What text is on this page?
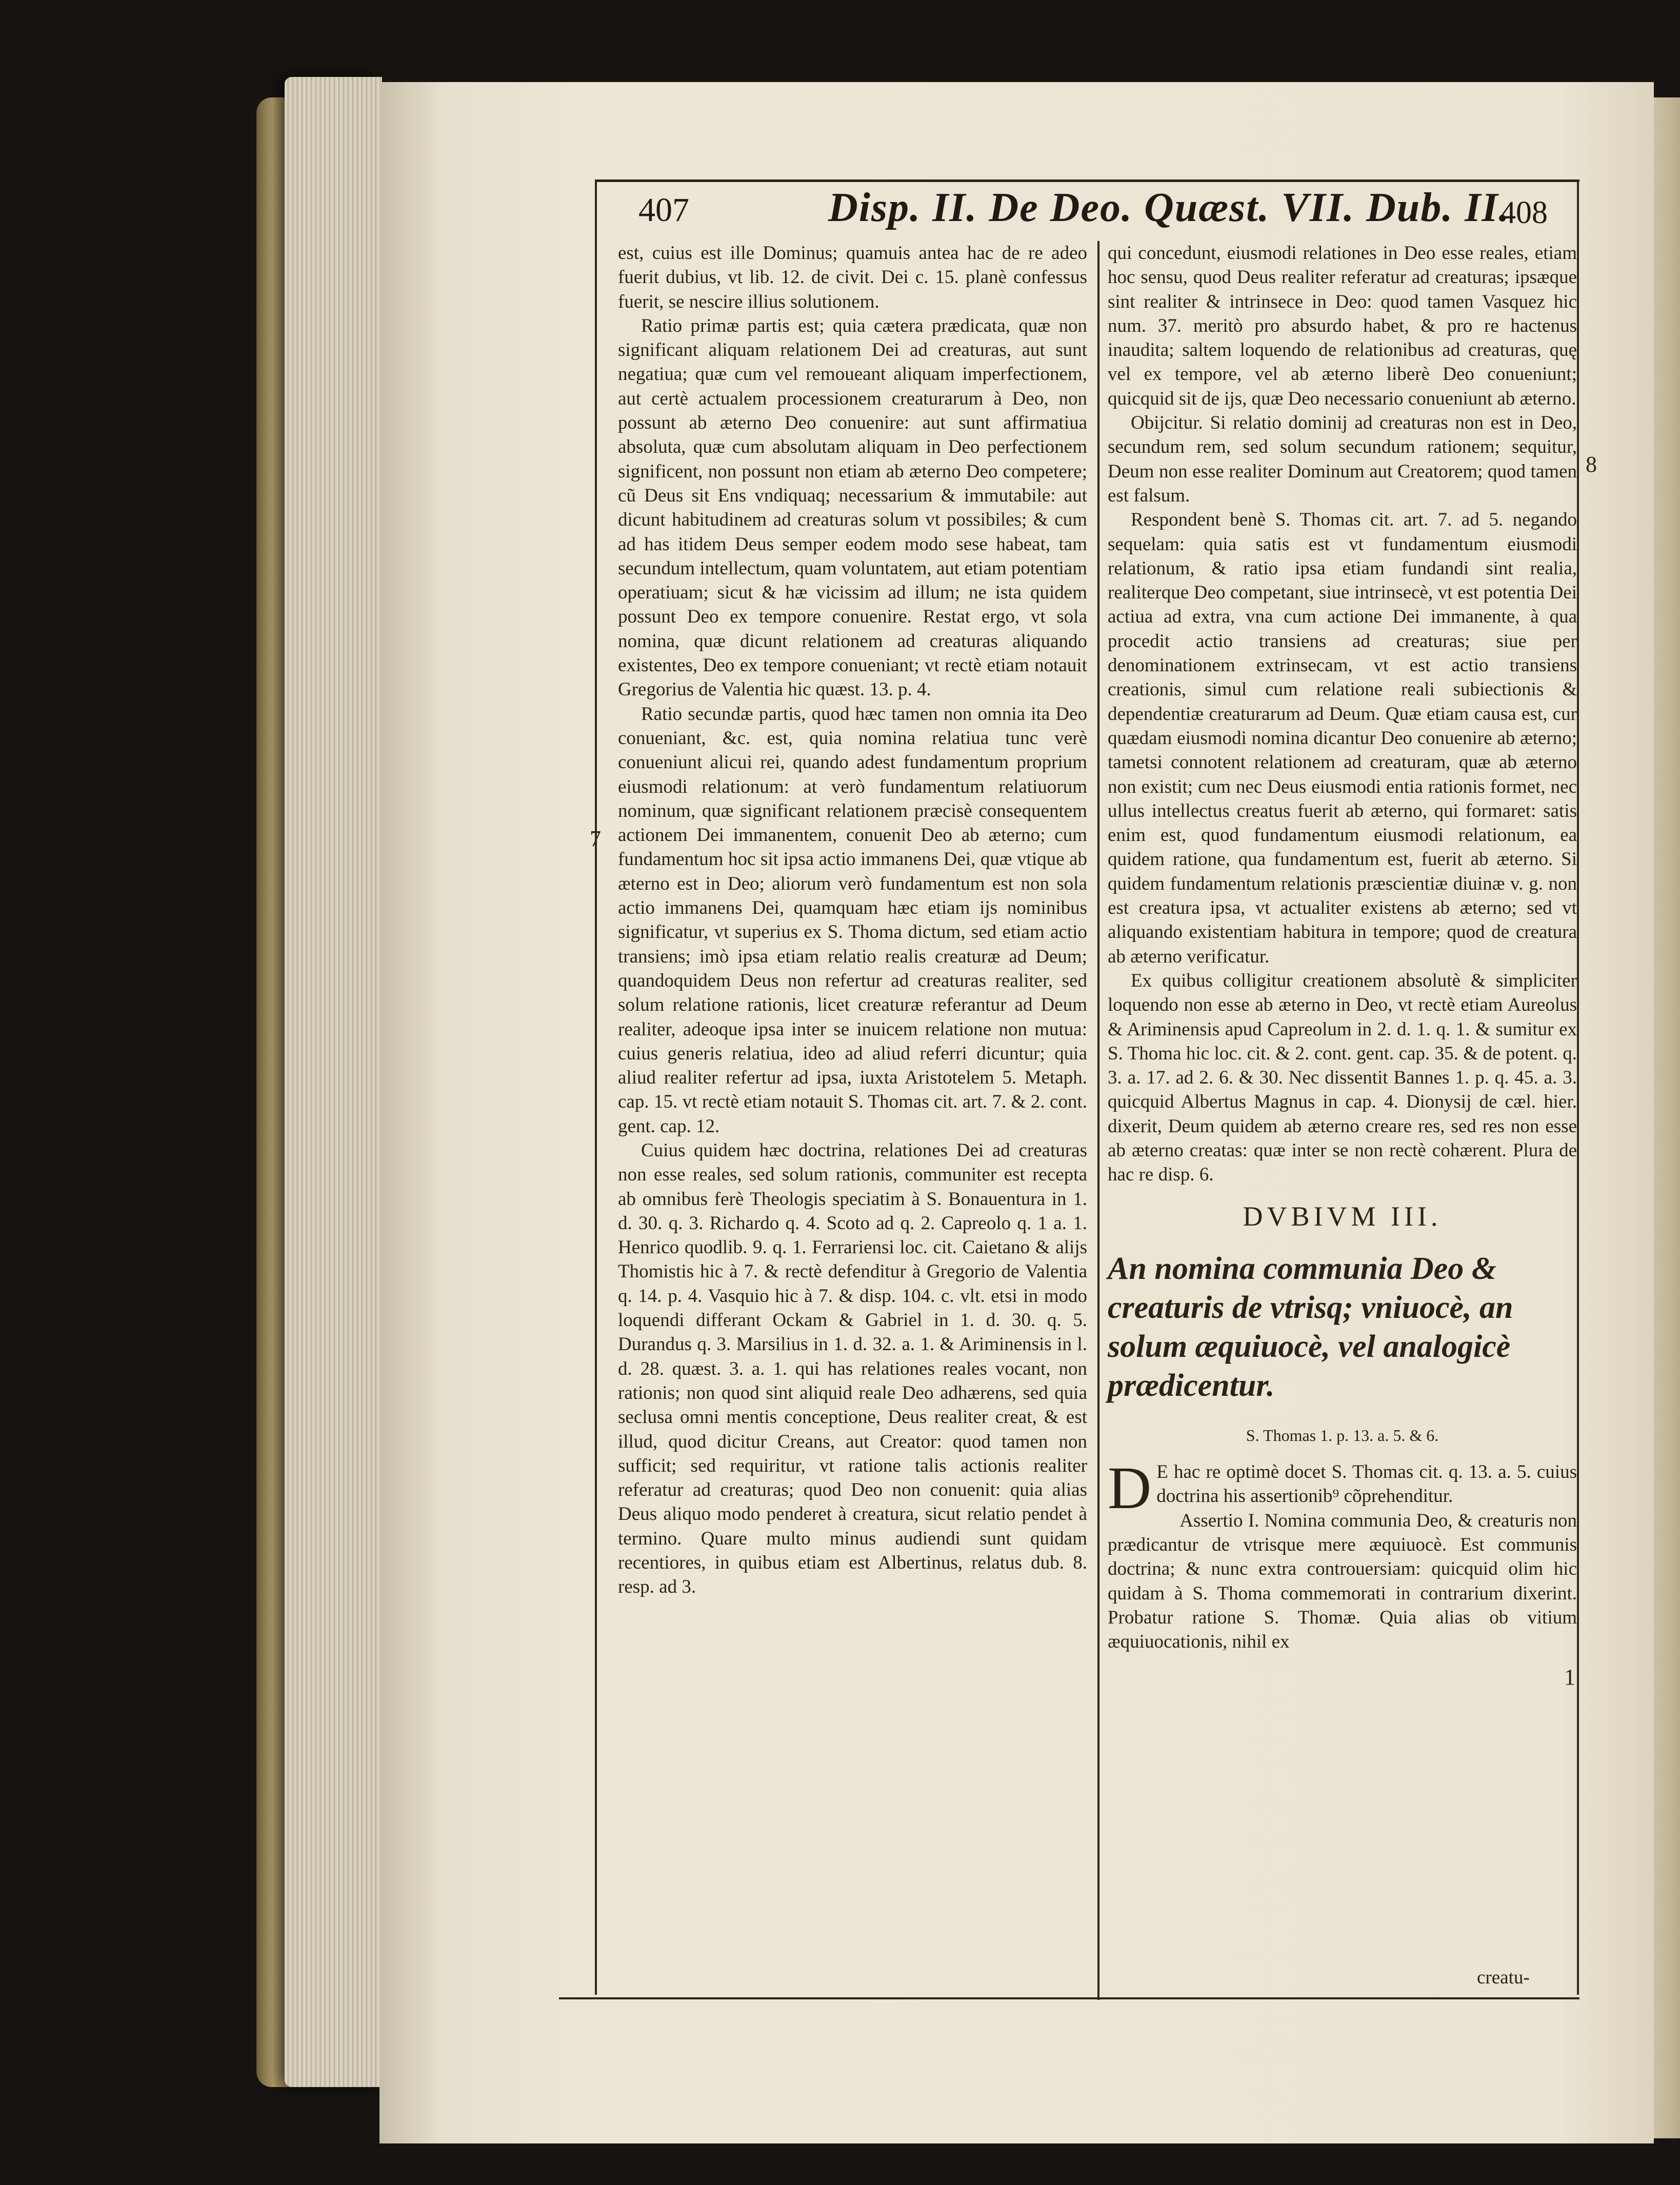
407	Disp. II. De Deo. Quæst. VII. Dub. II.
408
7
8
1

est, cuius est ille Dominus; quamuis antea hac de re adeo fuerit dubius, vt lib. 12. de civit. Dei c. 15. planè confessus fuerit, se nescire illius solutionem.

Ratio primæ partis est; quia cætera prædicata, quæ non significant aliquam relationem Dei ad creaturas, aut sunt negatiua; quæ cum vel remoueant aliquam imperfectionem, aut certè actualem processionem creaturarum à Deo, non possunt ab æterno Deo conuenire: aut sunt affirmatiua absoluta, quæ cum absolutam aliquam in Deo perfectionem significent, non possunt non etiam ab æterno Deo competere; cũ Deus sit Ens vndiquaq; necessarium & immutabile: aut dicunt habitudinem ad creaturas solum vt possibiles; & cum ad has itidem Deus semper eodem modo sese habeat, tam secundum intellectum, quam voluntatem, aut etiam potentiam operatiuam; sicut & hæ vicissim ad illum; ne ista quidem possunt Deo ex tempore conuenire. Restat ergo, vt sola nomina, quæ dicunt relationem ad creaturas aliquando existentes, Deo ex tempore conueniant; vt rectè etiam notauit Gregorius de Valentia hic quæst. 13. p. 4.

Ratio secundæ partis, quod hæc tamen non omnia ita Deo conueniant, &c. est, quia nomina relatiua tunc verè conueniunt alicui rei, quando adest fundamentum proprium eiusmodi relationum: at verò fundamentum relatiuorum nominum, quæ significant relationem præcisè consequentem actionem Dei immanentem, conuenit Deo ab æterno; cum fundamentum hoc sit ipsa actio immanens Dei, quæ vtique ab æterno est in Deo; aliorum verò fundamentum est non sola actio immanens Dei, quamquam hæc etiam ijs nominibus significatur, vt superius ex S. Thoma dictum, sed etiam actio transiens; imò ipsa etiam relatio realis creaturæ ad Deum; quandoquidem Deus non refertur ad creaturas realiter, sed solum relatione rationis, licet creaturæ referantur ad Deum realiter, adeoque ipsa inter se inuicem relatione non mutua: cuius generis relatiua, ideo ad aliud referri dicuntur; quia aliud realiter refertur ad ipsa, iuxta Aristotelem 5. Metaph. cap. 15. vt rectè etiam notauit S. Thomas cit. art. 7. & 2. cont. gent. cap. 12.

Cuius quidem hæc doctrina, relationes Dei ad creaturas non esse reales, sed solum rationis, communiter est recepta ab omnibus ferè Theologis speciatim à S. Bonauentura in 1. d. 30. q. 3. Richardo q. 4. Scoto ad q. 2. Capreolo q. 1 a. 1. Henrico quodlib. 9. q. 1. Ferrariensi loc. cit. Caietano & alijs Thomistis hic à 7. & rectè defenditur à Gregorio de Valentia q. 14. p. 4. Vasquio hic à 7. & disp. 104. c. vlt. etsi in modo loquendi differant Ockam & Gabriel in 1. d. 30. q. 5. Durandus q. 3. Marsilius in 1. d. 32. a. 1. & Ariminensis in l. d. 28. quæst. 3. a. 1. qui has relationes reales vocant, non rationis; non quod sint aliquid reale Deo adhærens, sed quia seclusa omni mentis conceptione, Deus realiter creat, & est illud, quod dicitur Creans, aut Creator: quod tamen non sufficit; sed requiritur, vt ratione talis actionis realiter referatur ad creaturas; quod Deo non conuenit: quia alias Deus aliquo modo penderet à creatura, sicut relatio pendet à termino. Quare multo minus audiendi sunt quidam recentiores, in quibus etiam est Albertinus, relatus dub. 8. resp. ad 3.

qui concedunt, eiusmodi relationes in Deo esse reales, etiam hoc sensu, quod Deus realiter referatur ad creaturas; ipsæque sint realiter & intrinsece in Deo: quod tamen Vasquez hic num. 37. meritò pro absurdo habet, & pro re hactenus inaudita; saltem loquendo de relationibus ad creaturas, quę vel ex tempore, vel ab æterno liberè Deo conueniunt; quicquid sit de ijs, quæ Deo necessario conueniunt ab æterno.

Obijcitur. Si relatio dominij ad creaturas non est in Deo, secundum rem, sed solum secundum rationem; sequitur, Deum non esse realiter Dominum aut Creatorem; quod tamen est falsum.

Respondent benè S. Thomas cit. art. 7. ad 5. negando sequelam: quia satis est vt fundamentum eiusmodi relationum, & ratio ipsa etiam fundandi sint realia, realiterque Deo competant, siue intrinsecè, vt est potentia Dei actiua ad extra, vna cum actione Dei immanente, à qua procedit actio transiens ad creaturas; siue per denominationem extrinsecam, vt est actio transiens creationis, simul cum relatione reali subiectionis & dependentiæ creaturarum ad Deum. Quæ etiam causa est, cur quædam eiusmodi nomina dicantur Deo conuenire ab æterno; tametsi connotent relationem ad creaturam, quæ ab æterno non existit; cum nec Deus eiusmodi entia rationis formet, nec ullus intellectus creatus fuerit ab æterno, qui formaret: satis enim est, quod fundamentum eiusmodi relationum, ea quidem ratione, qua fundamentum est, fuerit ab æterno. Si quidem fundamentum relationis præscientiæ diuinæ v. g. non est creatura ipsa, vt actualiter existens ab æterno; sed vt aliquando existentiam habitura in tempore; quod de creatura ab æterno verificatur.

Ex quibus colligitur creationem absolutè & simpliciter loquendo non esse ab æterno in Deo, vt rectè etiam Aureolus & Ariminensis apud Capreolum in 2. d. 1. q. 1. & sumitur ex S. Thoma hic loc. cit. & 2. cont. gent. cap. 35. & de potent. q. 3. a. 17. ad 2. 6. & 30. Nec dissentit Bannes 1. p. q. 45. a. 3. quicquid Albertus Magnus in cap. 4. Dionysij de cæl. hier. dixerit, Deum quidem ab æterno creare res, sed res non esse ab æterno creatas: quæ inter se non rectè cohærent. Plura de hac re disp. 6.

DVBIVM III.
An nomina communia Deo & creaturis de vtrisq; vniuocè, an solum æquiuocè, vel analogicè prædicentur.
S. Thomas 1. p. 13. a. 5. & 6.

D E hac re optimè docet S. Thomas cit. q. 13. a. 5. cuius doctrina his assertionib⁹ cõprehenditur.

Assertio I. Nomina communia Deo, & creaturis non prædicantur de vtrisque mere æquiuocè. Est communis doctrina; & nunc extra controuersiam: quicquid olim hic quidam à S. Thoma commemorati in contrarium dixerint. Probatur ratione S. Thomæ. Quia alias ob vitium æquiuocationis, nihil ex

creatu-
